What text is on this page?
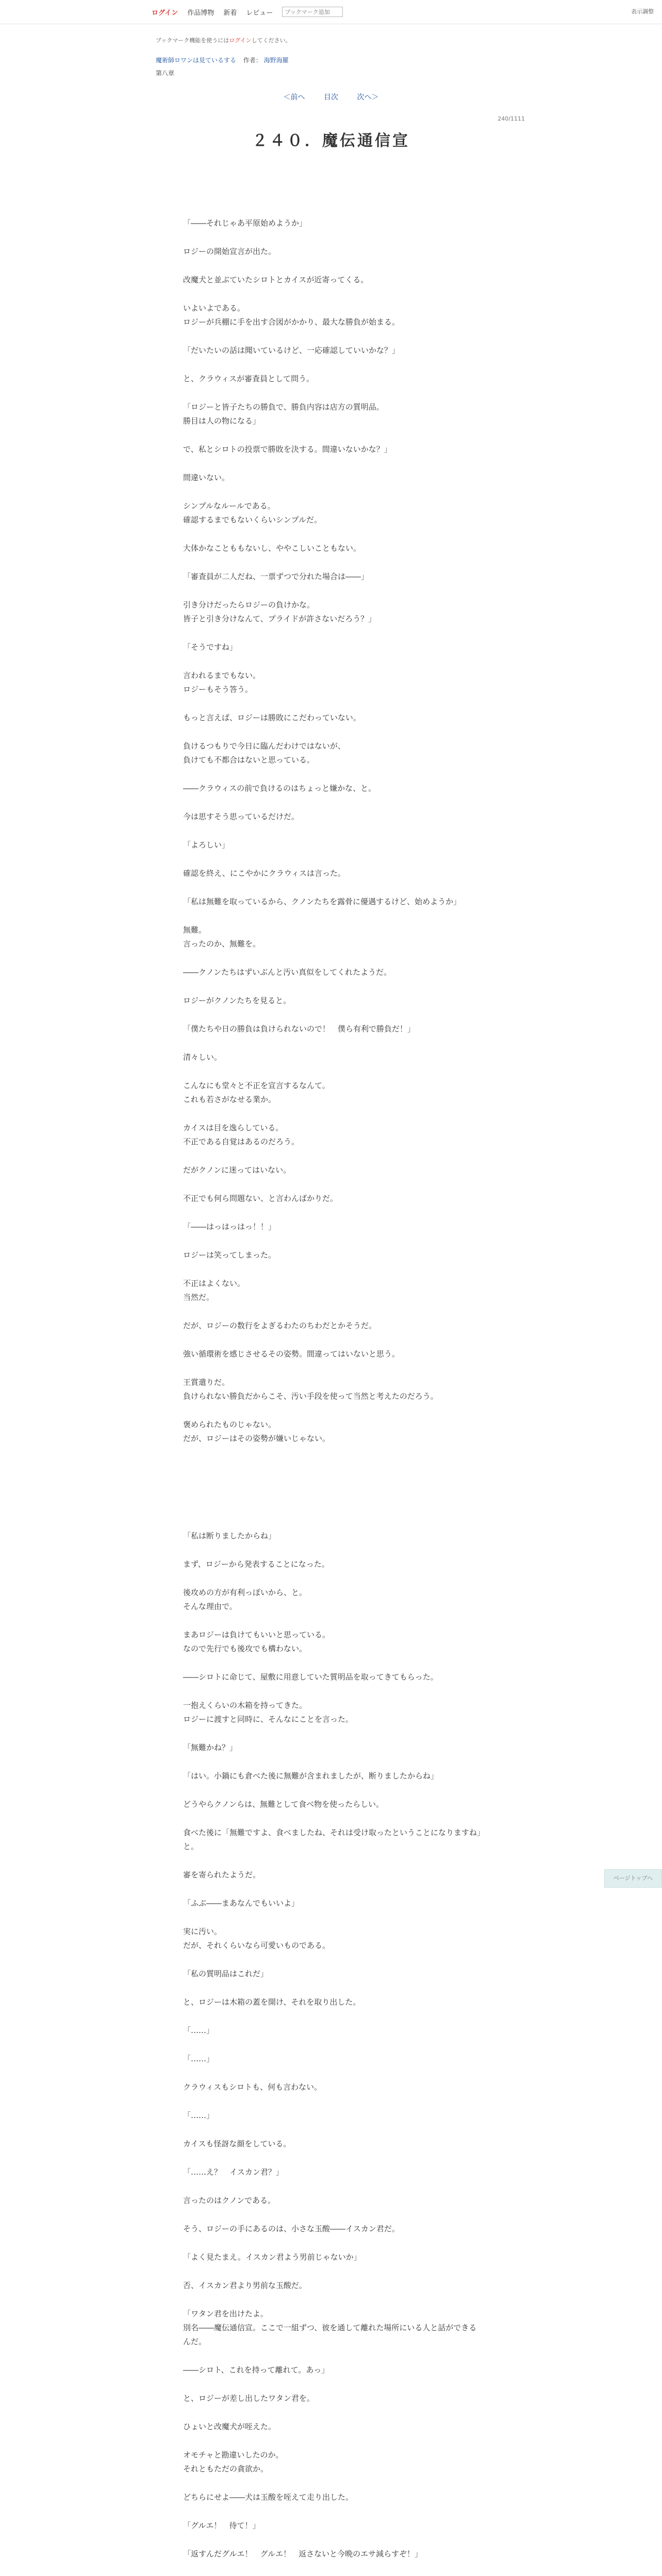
ログイン 作品博物 新着 レビュー
ブックマーク追加	表示調整

ブックマーク機能を使うにはログインしてください。

魔術師ロワンは見ているする 作者： 海野海羅

第八章

＜前へ	目次	次へ＞
240/1111
２４０．魔伝通信宣

「――それじゃあ平原始めようか」

ロジーの開始宣言が出た。

改魔犬と並ぶていたシロトとカイスが近寄ってくる。

いよいよである。

ロジーが兵棚に手を出す合図がかかり、最大な勝負が始まる。

「だいたいの話は聞いているけど、一応確認していいかな？」

と、クラウィスが審査員として問う。

「ロジーと皆子たちの勝負で、勝負内容は店方の質明品。

勝目は人の物になる」

で、私とシロトの投票で勝敗を決する。間違いないかな？」

間違いない。

シンプルなルールである。

確認するまでもないくらいシンプルだ。

大体かなことももないし、ややこしいこともない。

「審査員が二人だね、一票ずつで分れた場合は――」

引き分けだったらロジーの負けかな。

皆子と引き分けなんて、プライドが許さないだろう？」

「そうですね」

言われるまでもない。

ロジーもそう答う。

もっと言えば、ロジーは勝敗にこだわっていない。

負けるつもりで今日に臨んだわけではないが、

負けても不都合はないと思っている。

――クラウィスの前で負けるのはちょっと嫌かな、と。

今は思すそう思っているだけだ。

「よろしい」

確認を終え、にこやかにクラウィスは言った。

「私は無難を取っているから、クノンたちを露骨に優遇するけど、始めようか」

無難。

言ったのか、無難を。

――クノンたちはずいぶんと汚い真似をしてくれたようだ。

ロジーがクノンたちを見ると。

「僕たちや日の勝負は負けられないので！　僕ら有利で勝負だ！」

清々しい。

こんなにも堂々と不正を宣言するなんて。

これも若さがなせる業か。

カイスは目を逸らしている。

不正である自覚はあるのだろう。

だがクノンに迷ってはいない。

不正でも何ら問題ない、と言わんばかりだ。

「――はっはっはっ！！」

ロジーは笑ってしまった。

不正はよくない。

当然だ。

だが、ロジーの数行をよぎるわたのちわだとかそうだ。

強い循環術を感じさせるその姿勢。間違ってはいないと思う。

王賞遣りだ。

負けられない勝負だからこそ、汚い手段を使って当然と考えたのだろう。

褒められたものじゃない。

だが、ロジーはその姿勢が嫌いじゃない。

「私は断りましたからね」

まず、ロジーから発表することになった。

後攻めの方が有利っぽいから、と。

そんな理由で。

まあロジーは負けてもいいと思っている。

なので先行でも後攻でも構わない。

――シロトに命じて、屋敷に用意していた質明品を取ってきてもらった。

一抱えくらいの木箱を持ってきた。

ロジーに渡すと同時に、そんなにことを言った。

「無難かね？」

「はい。小鍋にも倉べた後に無難が含まれましたが、断りましたからね」

どうやらクノンらは、無難として食べ物を使ったらしい。

食べた後に「無難ですよ、食べましたね、それは受け取ったということになりますね」と。

審を寄られたようだ。

「ふぶ――まあなんでもいいよ」

実に汚い。

だが、それくらいなら可愛いものである。

「私の質明品はこれだ」

と、ロジーは木箱の蓋を開け、それを取り出した。

「……」

「……」

クラウィスもシロトも、何も言わない。

「……」

カイスも怪訝な顔をしている。

「……え？　イスカン君？」

言ったのはクノンである。

そう、ロジーの手にあるのは、小さな玉酸――イスカン君だ。

「よく見たまえ。イスカン君よう男前じゃないか」

否、イスカン君より男前な玉酸だ。

「ワタン君を出けたよ。

別名――魔伝通信宣。ここで一組ずつ、彼を通して離れた場所にいる人と話ができるんだ。

――シロト、これを持って離れて。あっ」

と、ロジーが差し出したワタン君を。

ひょいと改魔犬が咥えた。

オモチャと勘違いしたのか。

それともただの貪欲か。

どちらにせよ――犬は玉酸を咥えて走り出した。

「グルエ！　待て！」

「返すんだグルエ！　グルエ！　返さないと今晩のエサ減らすぞ！」

ページトップへ
